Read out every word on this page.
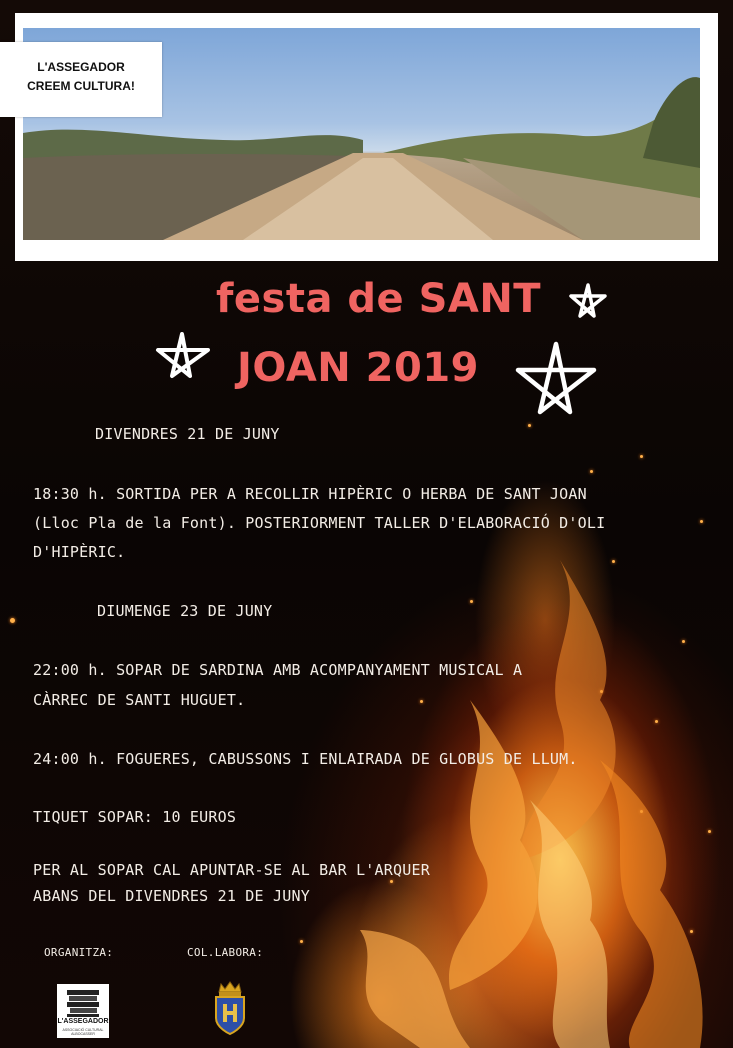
L'ASSEGADOR
CREEM CULTURA!
festa de SANT
JOAN 2019
DIVENDRES 21 DE JUNY
18:30 h. SORTIDA PER A RECOLLIR HIPÈRIC O HERBA DE SANT JOAN
(Lloc Pla de la Font). POSTERIORMENT TALLER D'ELABORACIÓ D'OLI
D'HIPÈRIC.
DIUMENGE 23 DE JUNY
22:00 h. SOPAR DE SARDINA AMB ACOMPANYAMENT MUSICAL A
CÀRREC DE SANTI HUGUET.
24:00 h. FOGUERES, CABUSSONS I ENLAIRADA DE GLOBUS DE LLUM.
TIQUET SOPAR: 10 EUROS
PER AL SOPAR CAL APUNTAR-SE AL BAR L'ARQUER
ABANS DEL DIVENDRES 21 DE JUNY
ORGANITZA:	COL.LABORA:
L'ASSEGADOR
ASSOCIACIÓ CULTURAL ALBOCASSER
